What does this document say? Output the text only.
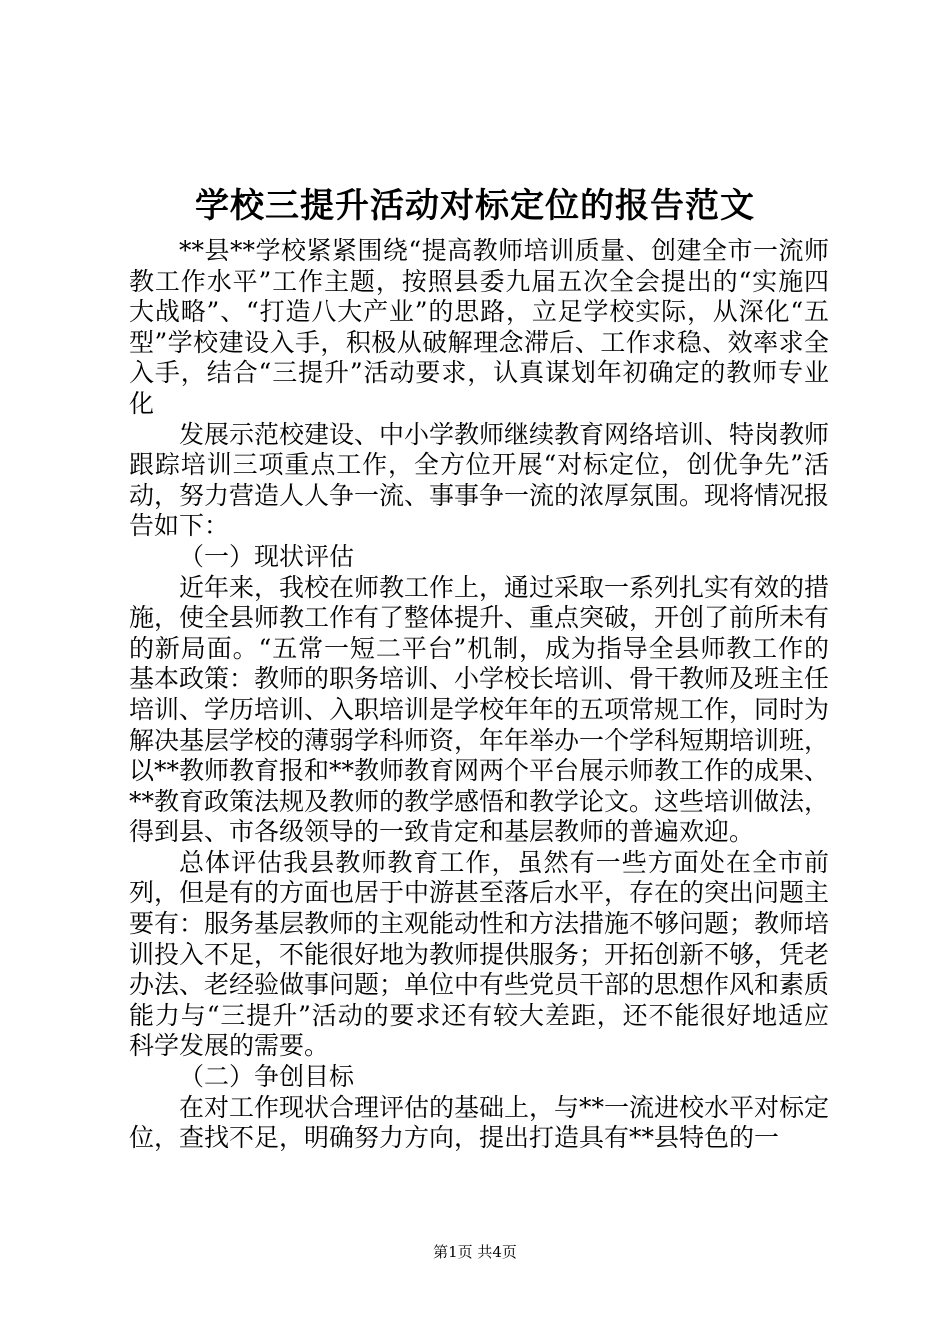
学校三提升活动对标定位的报告范文

**县**学校紧紧围绕“提高教师培训质量、创建全市一流师教工作水平”工作主题，按照县委九届五次全会提出的“实施四大战略”、“打造八大产业”的思路，立足学校实际，从深化“五型”学校建设入手，积极从破解理念滞后、工作求稳、效率求全入手，结合“三提升”活动要求，认真谋划年初确定的教师专业化

发展示范校建设、中小学教师继续教育网络培训、特岗教师跟踪培训三项重点工作，全方位开展“对标定位，创优争先”活动，努力营造人人争一流、事事争一流的浓厚氛围。现将情况报告如下：

（一）现状评估

近年来，我校在师教工作上，通过采取一系列扎实有效的措施，使全县师教工作有了整体提升、重点突破，开创了前所未有的新局面。“五常一短二平台”机制，成为指导全县师教工作的基本政策：教师的职务培训、小学校长培训、骨干教师及班主任培训、学历培训、入职培训是学校年年的五项常规工作，同时为解决基层学校的薄弱学科师资，年年举办一个学科短期培训班，以**教师教育报和**教师教育网两个平台展示师教工作的成果、**教育政策法规及教师的教学感悟和教学论文。这些培训做法，得到县、市各级领导的一致肯定和基层教师的普遍欢迎。

总体评估我县教师教育工作，虽然有一些方面处在全市前列，但是有的方面也居于中游甚至落后水平，存在的突出问题主要有：服务基层教师的主观能动性和方法措施不够问题；教师培训投入不足，不能很好地为教师提供服务；开拓创新不够，凭老办法、老经验做事问题；单位中有些党员干部的思想作风和素质能力与“三提升”活动的要求还有较大差距，还不能很好地适应科学发展的需要。

（二）争创目标

在对工作现状合理评估的基础上，与**一流进校水平对标定位，查找不足，明确努力方向，提出打造具有**县特色的一

第1页 共4页
